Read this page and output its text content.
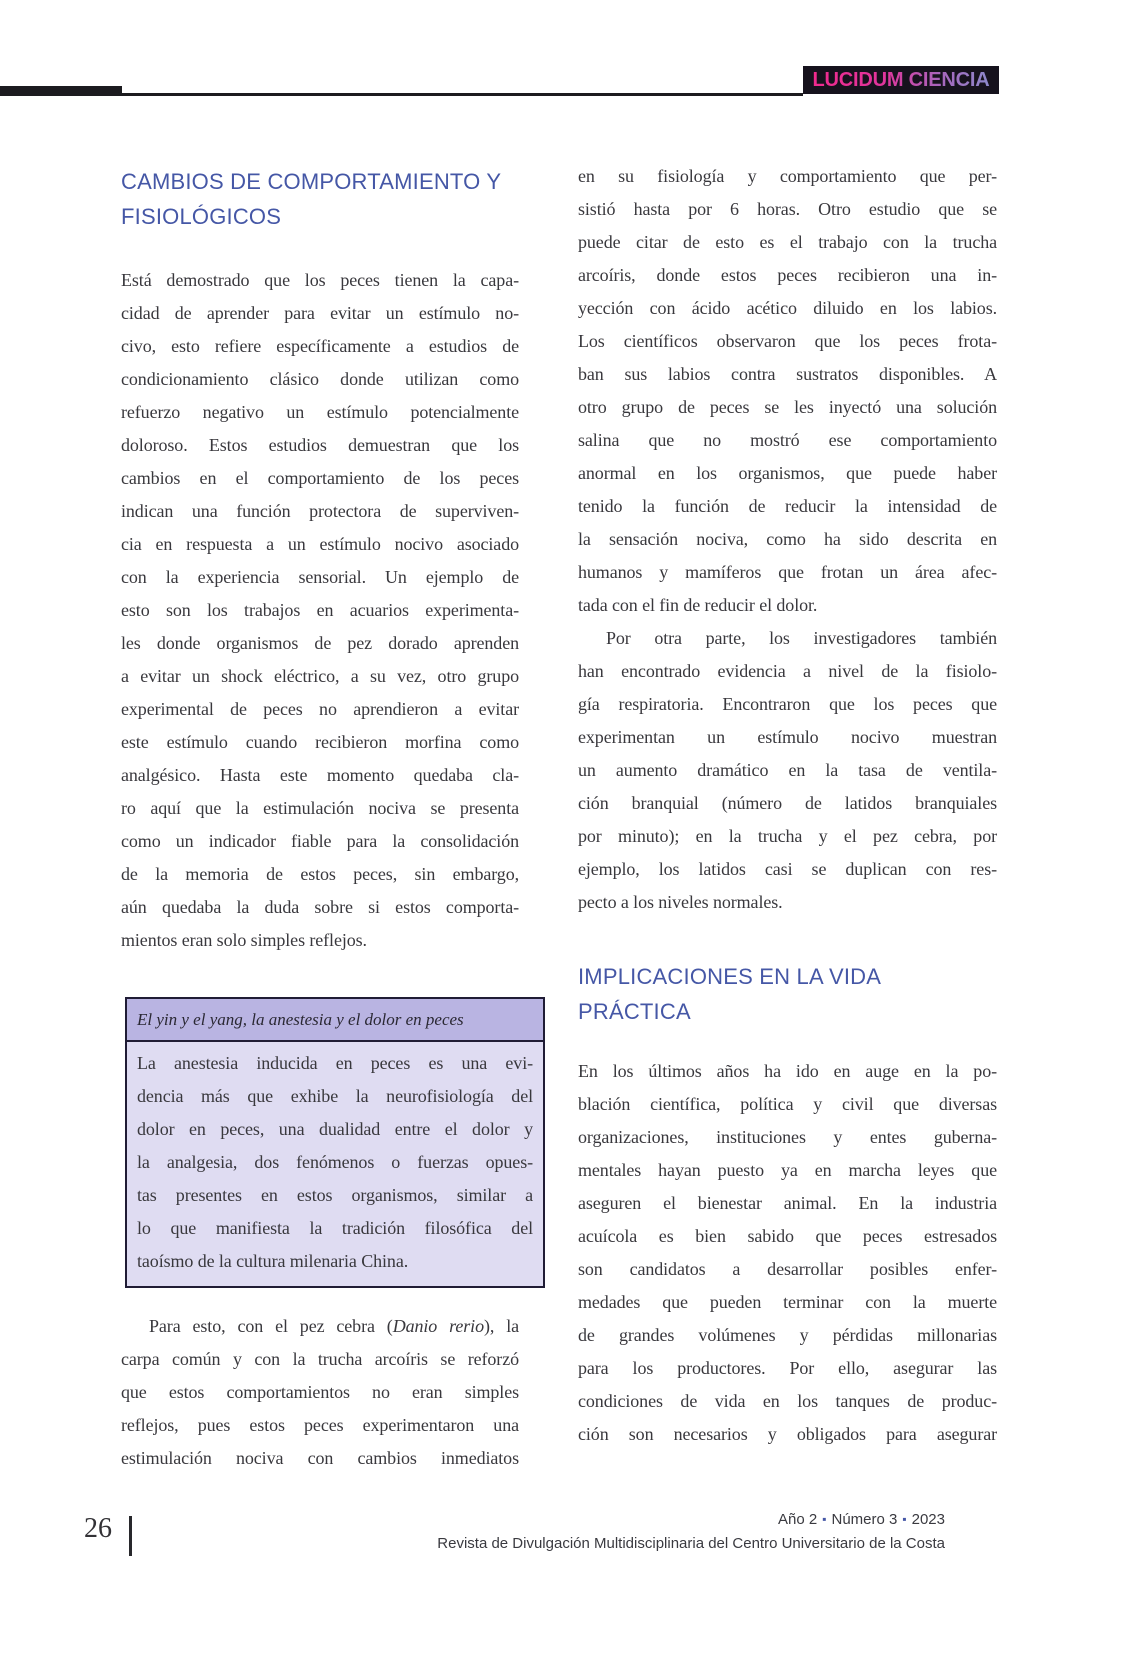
LUCIDUM CIENCIA
CAMBIOS DE COMPORTAMIENTO Y
FISIOLÓGICOS
Está demostrado que los peces tienen la capa-
cidad de aprender para evitar un estímulo no-
civo, esto refiere específicamente a estudios de
condicionamiento clásico donde utilizan como
refuerzo negativo un estímulo potencialmente
doloroso. Estos estudios demuestran que los
cambios en el comportamiento de los peces
indican una función protectora de superviven-
cia en respuesta a un estímulo nocivo asociado
con la experiencia sensorial. Un ejemplo de
esto son los trabajos en acuarios experimenta-
les donde organismos de pez dorado aprenden
a evitar un shock eléctrico, a su vez, otro grupo
experimental de peces no aprendieron a evitar
este estímulo cuando recibieron morfina como
analgésico. Hasta este momento quedaba cla-
ro aquí que la estimulación nociva se presenta
como un indicador fiable para la consolidación
de la memoria de estos peces, sin embargo,
aún quedaba la duda sobre si estos comporta-
mientos eran solo simples reflejos.
El yin y el yang, la anestesia y el dolor en peces
La anestesia inducida en peces es una evi-
dencia más que exhibe la neurofisiología del
dolor en peces, una dualidad entre el dolor y
la analgesia, dos fenómenos o fuerzas opues-
tas presentes en estos organismos, similar a
lo que manifiesta la tradición filosófica del
taoísmo de la cultura milenaria China.
Para esto, con el pez cebra (Danio rerio), la
carpa común y con la trucha arcoíris se reforzó
que estos comportamientos no eran simples
reflejos, pues estos peces experimentaron una
estimulación nociva con cambios inmediatos
en su fisiología y comportamiento que per-
sistió hasta por 6 horas. Otro estudio que se
puede citar de esto es el trabajo con la trucha
arcoíris, donde estos peces recibieron una in-
yección con ácido acético diluido en los labios.
Los científicos observaron que los peces frota-
ban sus labios contra sustratos disponibles. A
otro grupo de peces se les inyectó una solución
salina que no mostró ese comportamiento
anormal en los organismos, que puede haber
tenido la función de reducir la intensidad de
la sensación nociva, como ha sido descrita en
humanos y mamíferos que frotan un área afec-
tada con el fin de reducir el dolor.
Por otra parte, los investigadores también
han encontrado evidencia a nivel de la fisiolo-
gía respiratoria. Encontraron que los peces que
experimentan un estímulo nocivo muestran
un aumento dramático en la tasa de ventila-
ción branquial (número de latidos branquiales
por minuto); en la trucha y el pez cebra, por
ejemplo, los latidos casi se duplican con res-
pecto a los niveles normales.
IMPLICACIONES EN LA VIDA
PRÁCTICA
En los últimos años ha ido en auge en la po-
blación científica, política y civil que diversas
organizaciones, instituciones y entes guberna-
mentales hayan puesto ya en marcha leyes que
aseguren el bienestar animal. En la industria
acuícola es bien sabido que peces estresados
son candidatos a desarrollar posibles enfer-
medades que pueden terminar con la muerte
de grandes volúmenes y pérdidas millonarias
para los productores. Por ello, asegurar las
condiciones de vida en los tanques de produc-
ción son necesarios y obligados para asegurar
26	Año 2 ▪ Número 3 ▪ 2023
Revista de Divulgación Multidisciplinaria del Centro Universitario de la Costa
